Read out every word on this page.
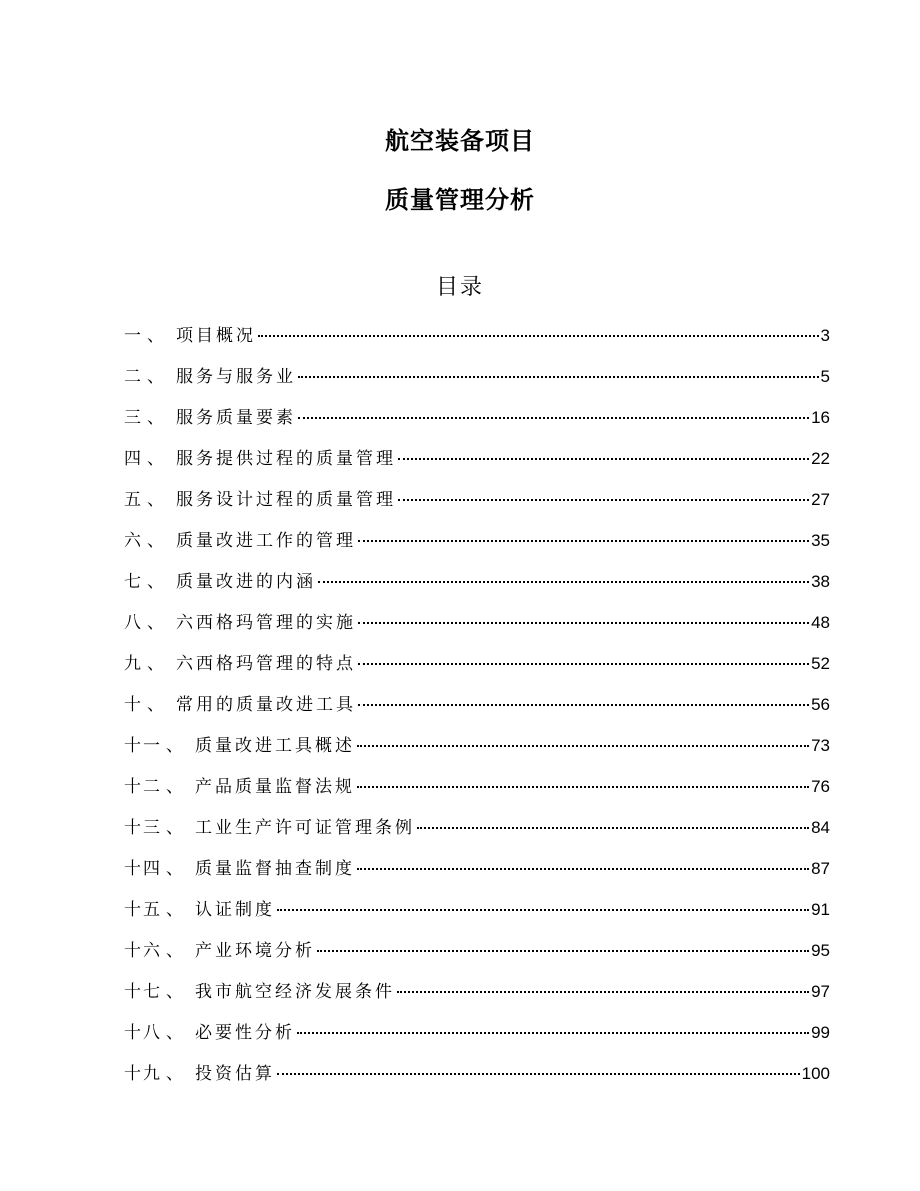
航空装备项目
质量管理分析
目录
一 、 项目概况	3
二 、 服务与服务业	5
三 、 服务质量要素	16
四 、 服务提供过程的质量管理	22
五 、 服务设计过程的质量管理	27
六 、 质量改进工作的管理	35
七 、 质量改进的内涵	38
八 、 六西格玛管理的实施	48
九 、 六西格玛管理的特点	52
十 、 常用的质量改进工具	56
十一 、 质量改进工具概述	73
十二 、 产品质量监督法规	76
十三 、 工业生产许可证管理条例	84
十四 、 质量监督抽查制度	87
十五 、 认证制度	91
十六 、 产业环境分析	95
十七 、 我市航空经济发展条件	97
十八 、 必要性分析	99
十九 、 投资估算	100
